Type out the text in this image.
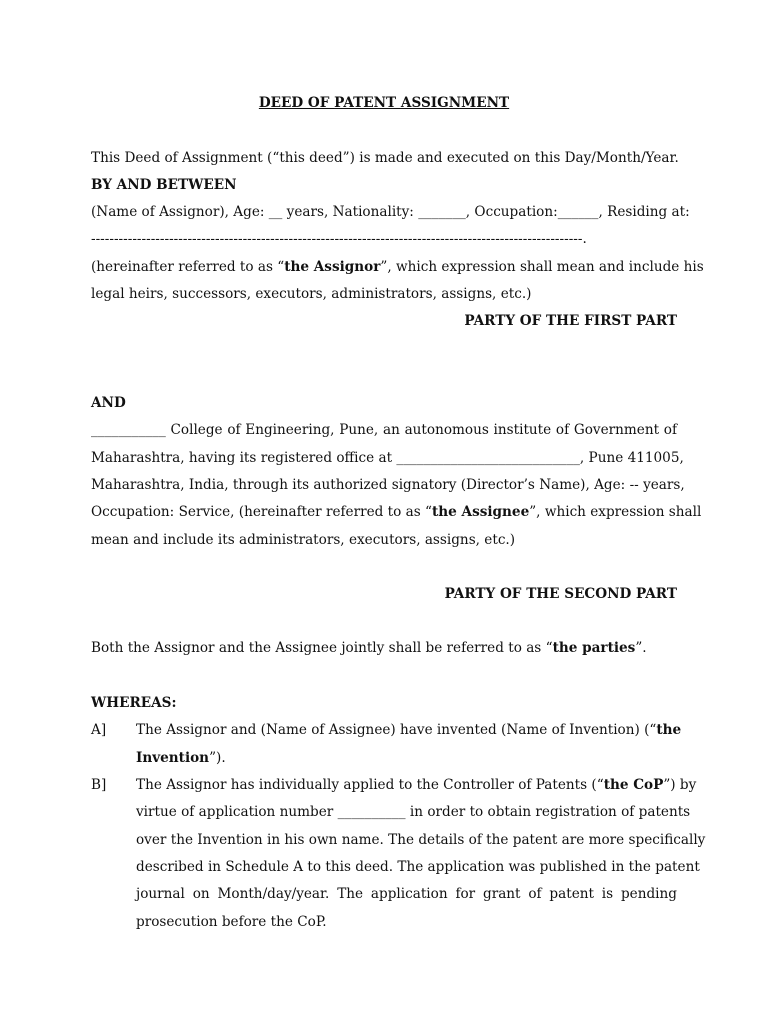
DEED OF PATENT ASSIGNMENT
This Deed of Assignment (“this deed”) is made and executed on this Day/Month/Year.
BY AND BETWEEN
(Name of Assignor), Age: __ years, Nationality: _______, Occupation:______, Residing at:
-----------------------------------------------------------------------------------------------------------.
(hereinafter referred to as “the Assignor”, which expression shall mean and include his
legal heirs, successors, executors, administrators, assigns, etc.)
PARTY OF THE FIRST PART
AND
___________ College of Engineering, Pune, an autonomous institute of Government of
Maharashtra, having its registered office at ___________________________, Pune 411005,
Maharashtra, India, through its authorized signatory (Director’s Name), Age: -- years,
Occupation: Service, (hereinafter referred to as “the Assignee”, which expression shall
mean and include its administrators, executors, assigns, etc.)
PARTY OF THE SECOND PART
Both the Assignor and the Assignee jointly shall be referred to as “the parties”.
WHEREAS:
A]	The Assignor and (Name of Assignee) have invented (Name of Invention) (“the
Invention”).
B]	The Assignor has individually applied to the Controller of Patents (“the CoP”) by
virtue of application number __________ in order to obtain registration of patents
over the Invention in his own name. The details of the patent are more specifically
described in Schedule A to this deed. The application was published in the patent
journal on Month/day/year. The application for grant of patent is pending
prosecution before the CoP.
